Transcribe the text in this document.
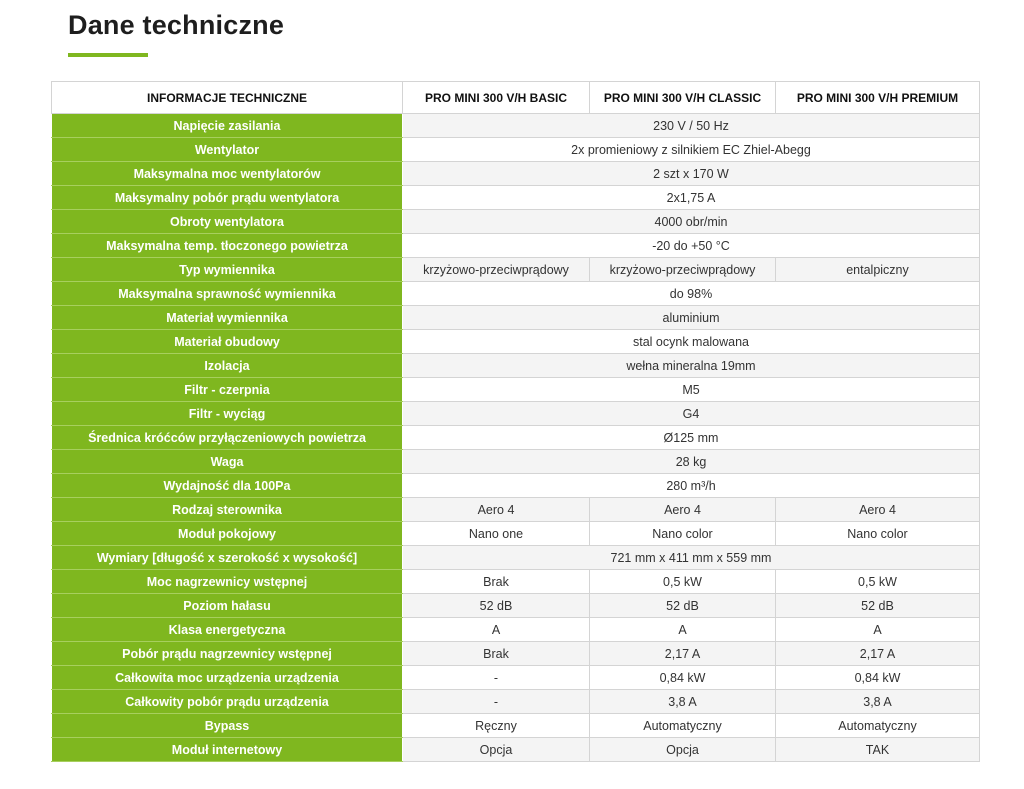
Dane techniczne
INFORMACJE TECHNICZNE	PRO MINI 300 V/H BASIC	PRO MINI 300 V/H CLASSIC	PRO MINI 300 V/H PREMIUM
Napięcie zasilania	230 V / 50 Hz		
Wentylator	2x promieniowy z silnikiem EC Zhiel-Abegg		
Maksymalna moc wentylatorów	2 szt x 170 W		
Maksymalny pobór prądu wentylatora	2x1,75 A		
Obroty wentylatora	4000 obr/min		
Maksymalna temp. tłoczonego powietrza	-20 do +50 °C		
Typ wymiennika	krzyżowo-przeciwprądowy	krzyżowo-przeciwprądowy	entalpiczny
Maksymalna sprawność wymiennika	do 98%		
Materiał wymiennika	aluminium		
Materiał obudowy	stal ocynk malowana		
Izolacja	wełna mineralna 19mm		
Filtr - czerpnia	M5		
Filtr - wyciąg	G4		
Średnica króćców przyłączeniowych powietrza	Ø125 mm		
Waga	28 kg		
Wydajność dla 100Pa	280 m³/h		
Rodzaj sterownika	Aero 4	Aero 4	Aero 4
Moduł pokojowy	Nano one	Nano color	Nano color
Wymiary [długość x szerokość x wysokość]	721 mm x 411 mm x 559 mm		
Moc nagrzewnicy wstępnej	Brak	0,5 kW	0,5 kW
Poziom hałasu	52 dB	52 dB	52 dB
Klasa energetyczna	A	A	A
Pobór prądu nagrzewnicy wstępnej	Brak	2,17 A	2,17 A
Całkowita moc urządzenia urządzenia	-	0,84 kW	0,84 kW
Całkowity pobór prądu urządzenia	-	3,8 A	3,8 A
Bypass	Ręczny	Automatyczny	Automatyczny
Moduł internetowy	Opcja	Opcja	TAK
